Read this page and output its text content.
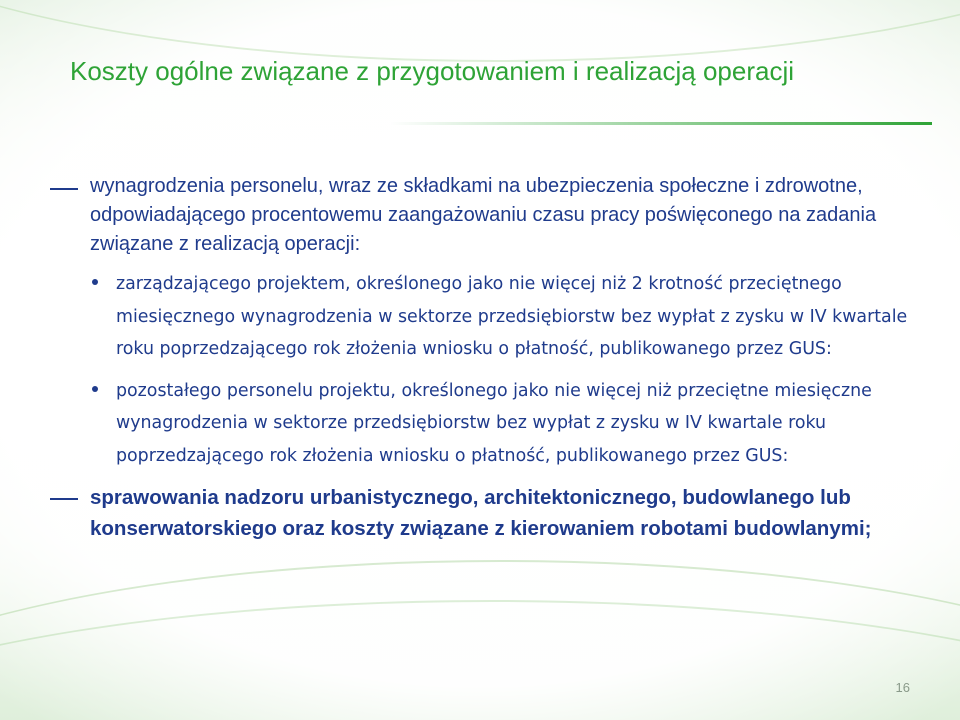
Koszty ogólne związane z przygotowaniem i realizacją operacji

wynagrodzenia personelu, wraz ze składkami na ubezpieczenia społeczne i zdrowotne, odpowiadającego procentowemu zaangażowaniu czasu pracy poświęconego na zadania związane z realizacją operacji:

zarządzającego projektem, określonego jako nie więcej niż 2 krotność przeciętnego miesięcznego wynagrodzenia w sektorze przedsiębiorstw bez wypłat z zysku w IV kwartale roku poprzedzającego rok złożenia wniosku o płatność, publikowanego przez GUS:

pozostałego personelu projektu, określonego jako nie więcej niż przeciętne miesięczne wynagrodzenia w sektorze przedsiębiorstw bez wypłat z zysku w IV kwartale roku poprzedzającego rok złożenia wniosku o płatność, publikowanego przez GUS:

sprawowania nadzoru urbanistycznego, architektonicznego, budowlanego lub konserwatorskiego oraz koszty związane z kierowaniem robotami budowlanymi;

16
